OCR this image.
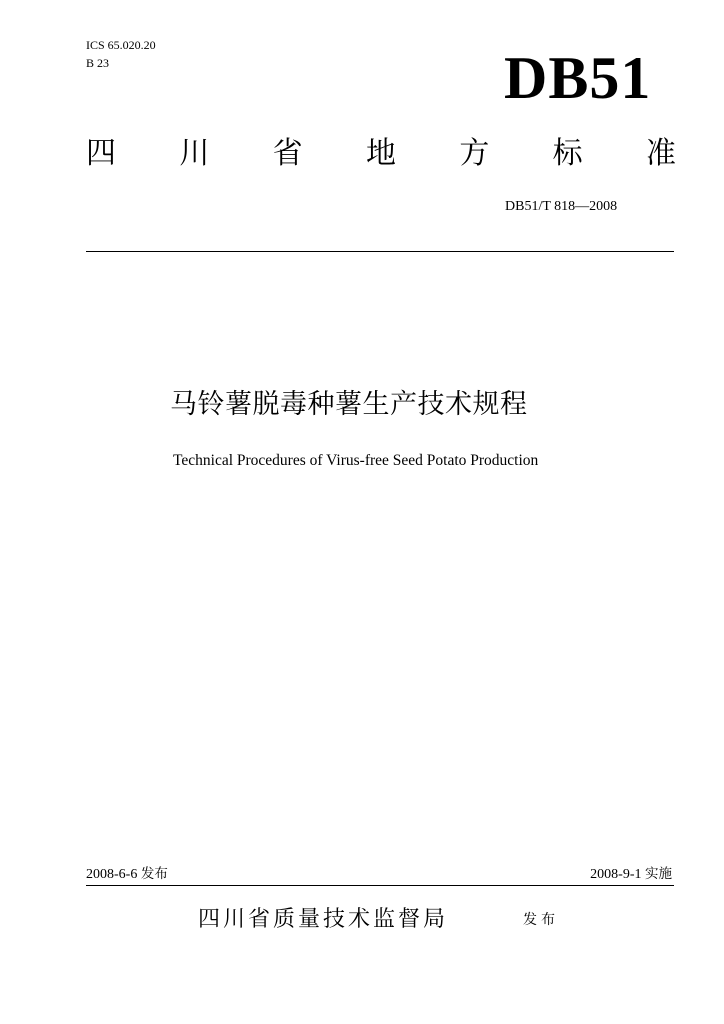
ICS 65.020.20
B 23	DB51
四 川 省 地 方 标 准
DB51/T 818—2008
马铃薯脱毒种薯生产技术规程
Technical Procedures of Virus-free Seed Potato Production
2008-6-6 发布	2008-9-1 实施
四川省质量技术监督局	发布
